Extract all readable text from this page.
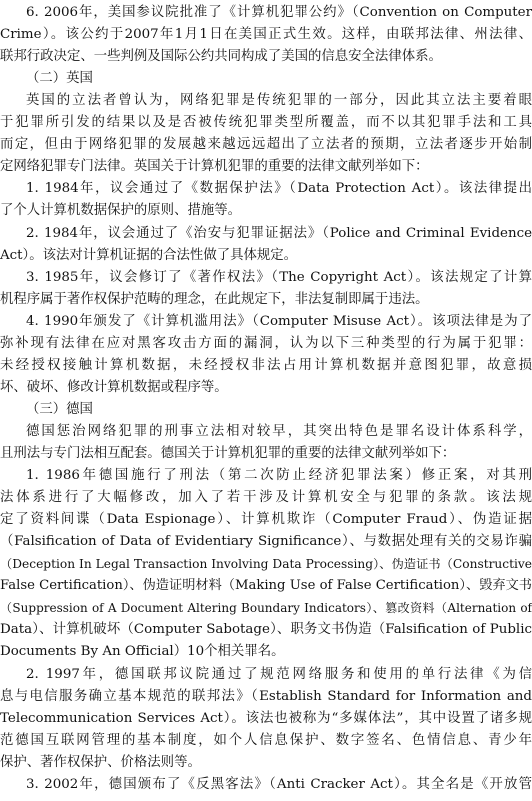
6. 2006年，美国参议院批准了《计算机犯罪公约》（Convention on Computer
Crime）。该公约于2007年1月1日在美国正式生效。这样，由联邦法律、州法律、
联邦行政决定、一些判例及国际公约共同构成了美国的信息安全法律体系。
（二）英国
英国的立法者曾认为，网络犯罪是传统犯罪的一部分，因此其立法主要着眼
于犯罪所引发的结果以及是否被传统犯罪类型所覆盖，而不以其犯罪手法和工具
而定，但由于网络犯罪的发展越来越远远超出了立法者的预期，立法者逐步开始制
定网络犯罪专门法律。英国关于计算机犯罪的重要的法律文献列举如下：
1. 1984年，议会通过了《数据保护法》（Data Protection Act）。该法律提出
了个人计算机数据保护的原则、措施等。
2. 1984年，议会通过了《治安与犯罪证据法》（Police and Criminal Evidence
Act）。该法对计算机证据的合法性做了具体规定。
3. 1985年，议会修订了《著作权法》（The Copyright Act）。该法规定了计算
机程序属于著作权保护范畴的理念，在此规定下，非法复制即属于违法。
4. 1990年颁发了《计算机滥用法》（Computer Misuse Act）。该项法律是为了
弥补现有法律在应对黑客攻击方面的漏洞，认为以下三种类型的行为属于犯罪：
未经授权接触计算机数据，未经授权非法占用计算机数据并意图犯罪，故意损
坏、破坏、修改计算机数据或程序等。
（三）德国
德国惩治网络犯罪的刑事立法相对较早，其突出特色是罪名设计体系科学，
且刑法与专门法相互配套。德国关于计算机犯罪的重要的法律文献列举如下：
1. 1986年德国施行了刑法（第二次防止经济犯罪法案）修正案，对其刑
法体系进行了大幅修改，加入了若干涉及计算机安全与犯罪的条款。该法规
定了资料间谍（Data Espionage）、计算机欺诈（Computer Fraud）、伪造证据
（Falsification of Data of Evidentiary Significance）、与数据处理有关的交易诈骗
（Deception In Legal Transaction Involving Data Processing）、伪造证书（Constructive
False Certification）、伪造证明材料（Making Use of False Certification）、毁弃文书
（Suppression of A Document Altering Boundary Indicators）、篡改资料（Alternation of
Data）、计算机破坏（Computer Sabotage）、职务文书伪造（Falsification of Public
Documents By An Official）10个相关罪名。
2. 1997年，德国联邦议院通过了规范网络服务和使用的单行法律《为信
息与电信服务确立基本规范的联邦法》（Establish Standard for Information and
Telecommunication Services Act）。该法也被称为“多媒体法”，其中设置了诸多规
范德国互联网管理的基本制度，如个人信息保护、数字签名、色情信息、青少年
保护、著作权保护、价格法则等。
3. 2002年，德国颁布了《反黑客法》（Anti Cracker Act）。其全名是《开放管
